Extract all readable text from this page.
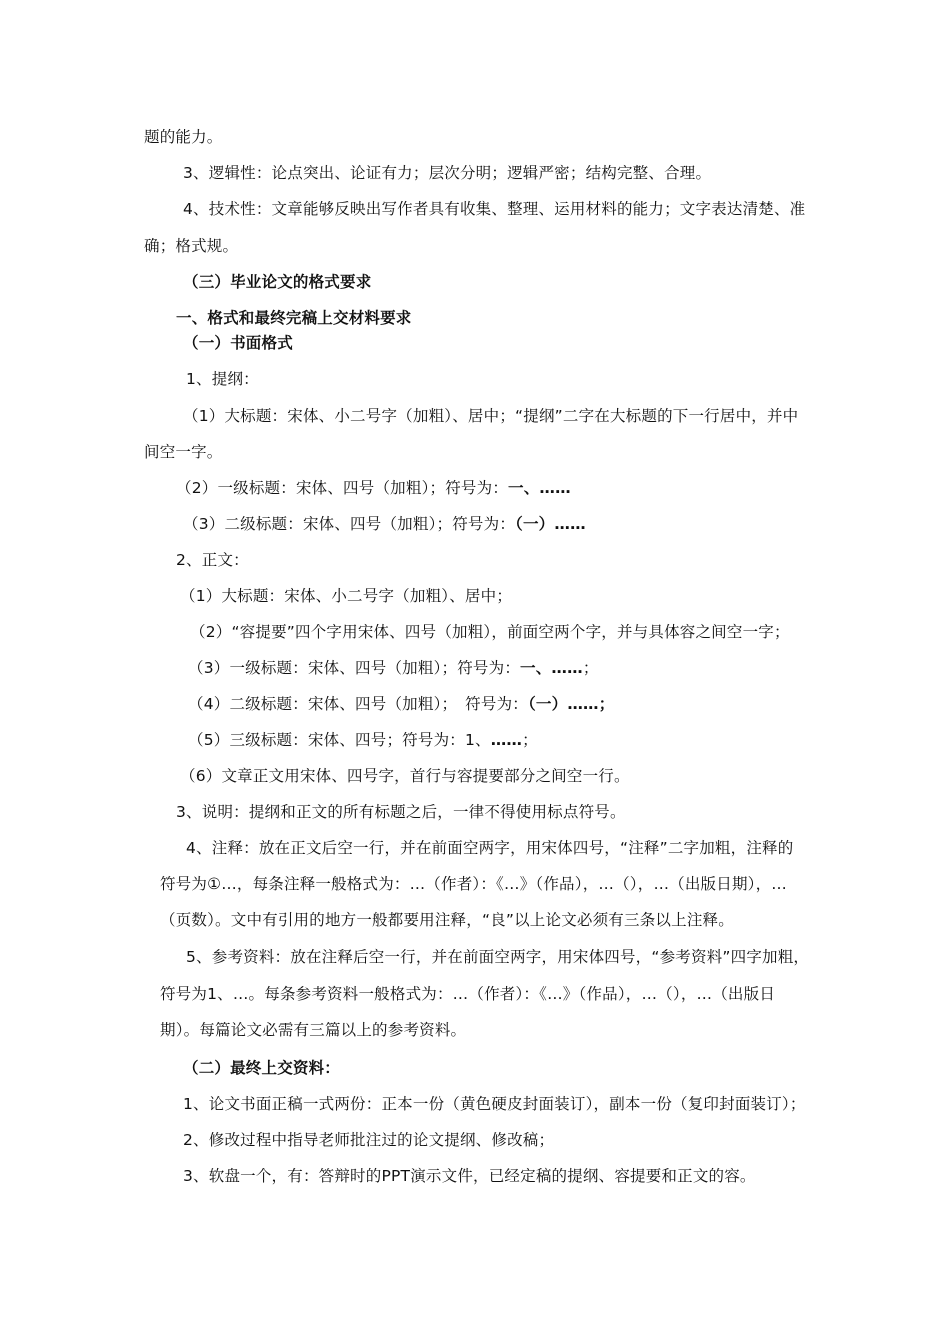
题的能力。
3、逻辑性：论点突出、论证有力；层次分明；逻辑严密；结构完整、合理。
4、技术性：文章能够反映出写作者具有收集、整理、运用材料的能力；文字表达清楚、准
确；格式规。
（三）毕业论文的格式要求
一、格式和最终完稿上交材料要求
（一）书面格式
1、提纲：
（1）大标题：宋体、小二号字（加粗）、居中；“提纲”二字在大标题的下一行居中，并中
间空一字。
（2）一级标题：宋体、四号（加粗）；符号为：一、……
（3）二级标题：宋体、四号（加粗）；符号为：（一）……
2、正文：
（1）大标题：宋体、小二号字（加粗）、居中；
（2）“容提要”四个字用宋体、四号（加粗），前面空两个字，并与具体容之间空一字；
（3）一级标题：宋体、四号（加粗）；符号为：一、……；
（4）二级标题：宋体、四号（加粗）；　符号为：（一）……；
（5）三级标题：宋体、四号；符号为：1、……；
（6）文章正文用宋体、四号字，首行与容提要部分之间空一行。
3、说明：提纲和正文的所有标题之后，一律不得使用标点符号。
4、注释：放在正文后空一行，并在前面空两字，用宋体四号，“注释”二字加粗，注释的
符号为①…，每条注释一般格式为：…（作者）：《…》（作品），…（），…（出版日期），…
（页数）。文中有引用的地方一般都要用注释，“良”以上论文必须有三条以上注释。
5、参考资料：放在注释后空一行，并在前面空两字，用宋体四号，“参考资料”四字加粗，
符号为1、…。每条参考资料一般格式为：…（作者）：《…》（作品），…（），…（出版日
期）。每篇论文必需有三篇以上的参考资料。
（二）最终上交资料：
1、论文书面正稿一式两份：正本一份（黄色硬皮封面装订），副本一份（复印封面装订）；
2、修改过程中指导老师批注过的论文提纲、修改稿；
3、软盘一个，有：答辩时的PPT演示文件，已经定稿的提纲、容提要和正文的容。
